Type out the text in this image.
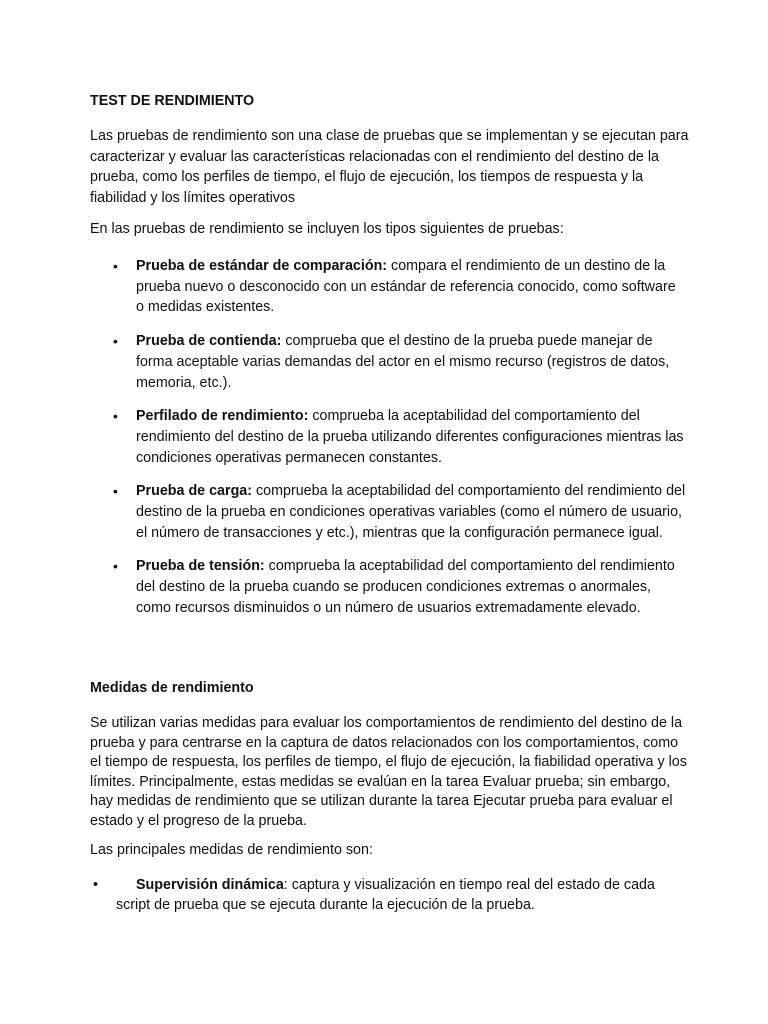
TEST DE RENDIMIENTO
Las pruebas de rendimiento son una clase de pruebas que se implementan y se ejecutan para caracterizar y evaluar las características relacionadas con el rendimiento del destino de la prueba, como los perfiles de tiempo, el flujo de ejecución, los tiempos de respuesta y la fiabilidad y los límites operativos
En las pruebas de rendimiento se incluyen los tipos siguientes de pruebas:
• Prueba de estándar de comparación: compara el rendimiento de un destino de la prueba nuevo o desconocido con un estándar de referencia conocido, como software o medidas existentes.
• Prueba de contienda: comprueba que el destino de la prueba puede manejar de forma aceptable varias demandas del actor en el mismo recurso (registros de datos, memoria, etc.).
• Perfilado de rendimiento: comprueba la aceptabilidad del comportamiento del rendimiento del destino de la prueba utilizando diferentes configuraciones mientras las condiciones operativas permanecen constantes.
• Prueba de carga: comprueba la aceptabilidad del comportamiento del rendimiento del destino de la prueba en condiciones operativas variables (como el número de usuario, el número de transacciones y etc.), mientras que la configuración permanece igual.
• Prueba de tensión: comprueba la aceptabilidad del comportamiento del rendimiento del destino de la prueba cuando se producen condiciones extremas o anormales, como recursos disminuidos o un número de usuarios extremadamente elevado.
Medidas de rendimiento
Se utilizan varias medidas para evaluar los comportamientos de rendimiento del destino de la prueba y para centrarse en la captura de datos relacionados con los comportamientos, como el tiempo de respuesta, los perfiles de tiempo, el flujo de ejecución, la fiabilidad operativa y los límites. Principalmente, estas medidas se evalúan en la tarea Evaluar prueba; sin embargo, hay medidas de rendimiento que se utilizan durante la tarea Ejecutar prueba para evaluar el estado y el progreso de la prueba.
Las principales medidas de rendimiento son:
• Supervisión dinámica: captura y visualización en tiempo real del estado de cada script de prueba que se ejecuta durante la ejecución de la prueba.
